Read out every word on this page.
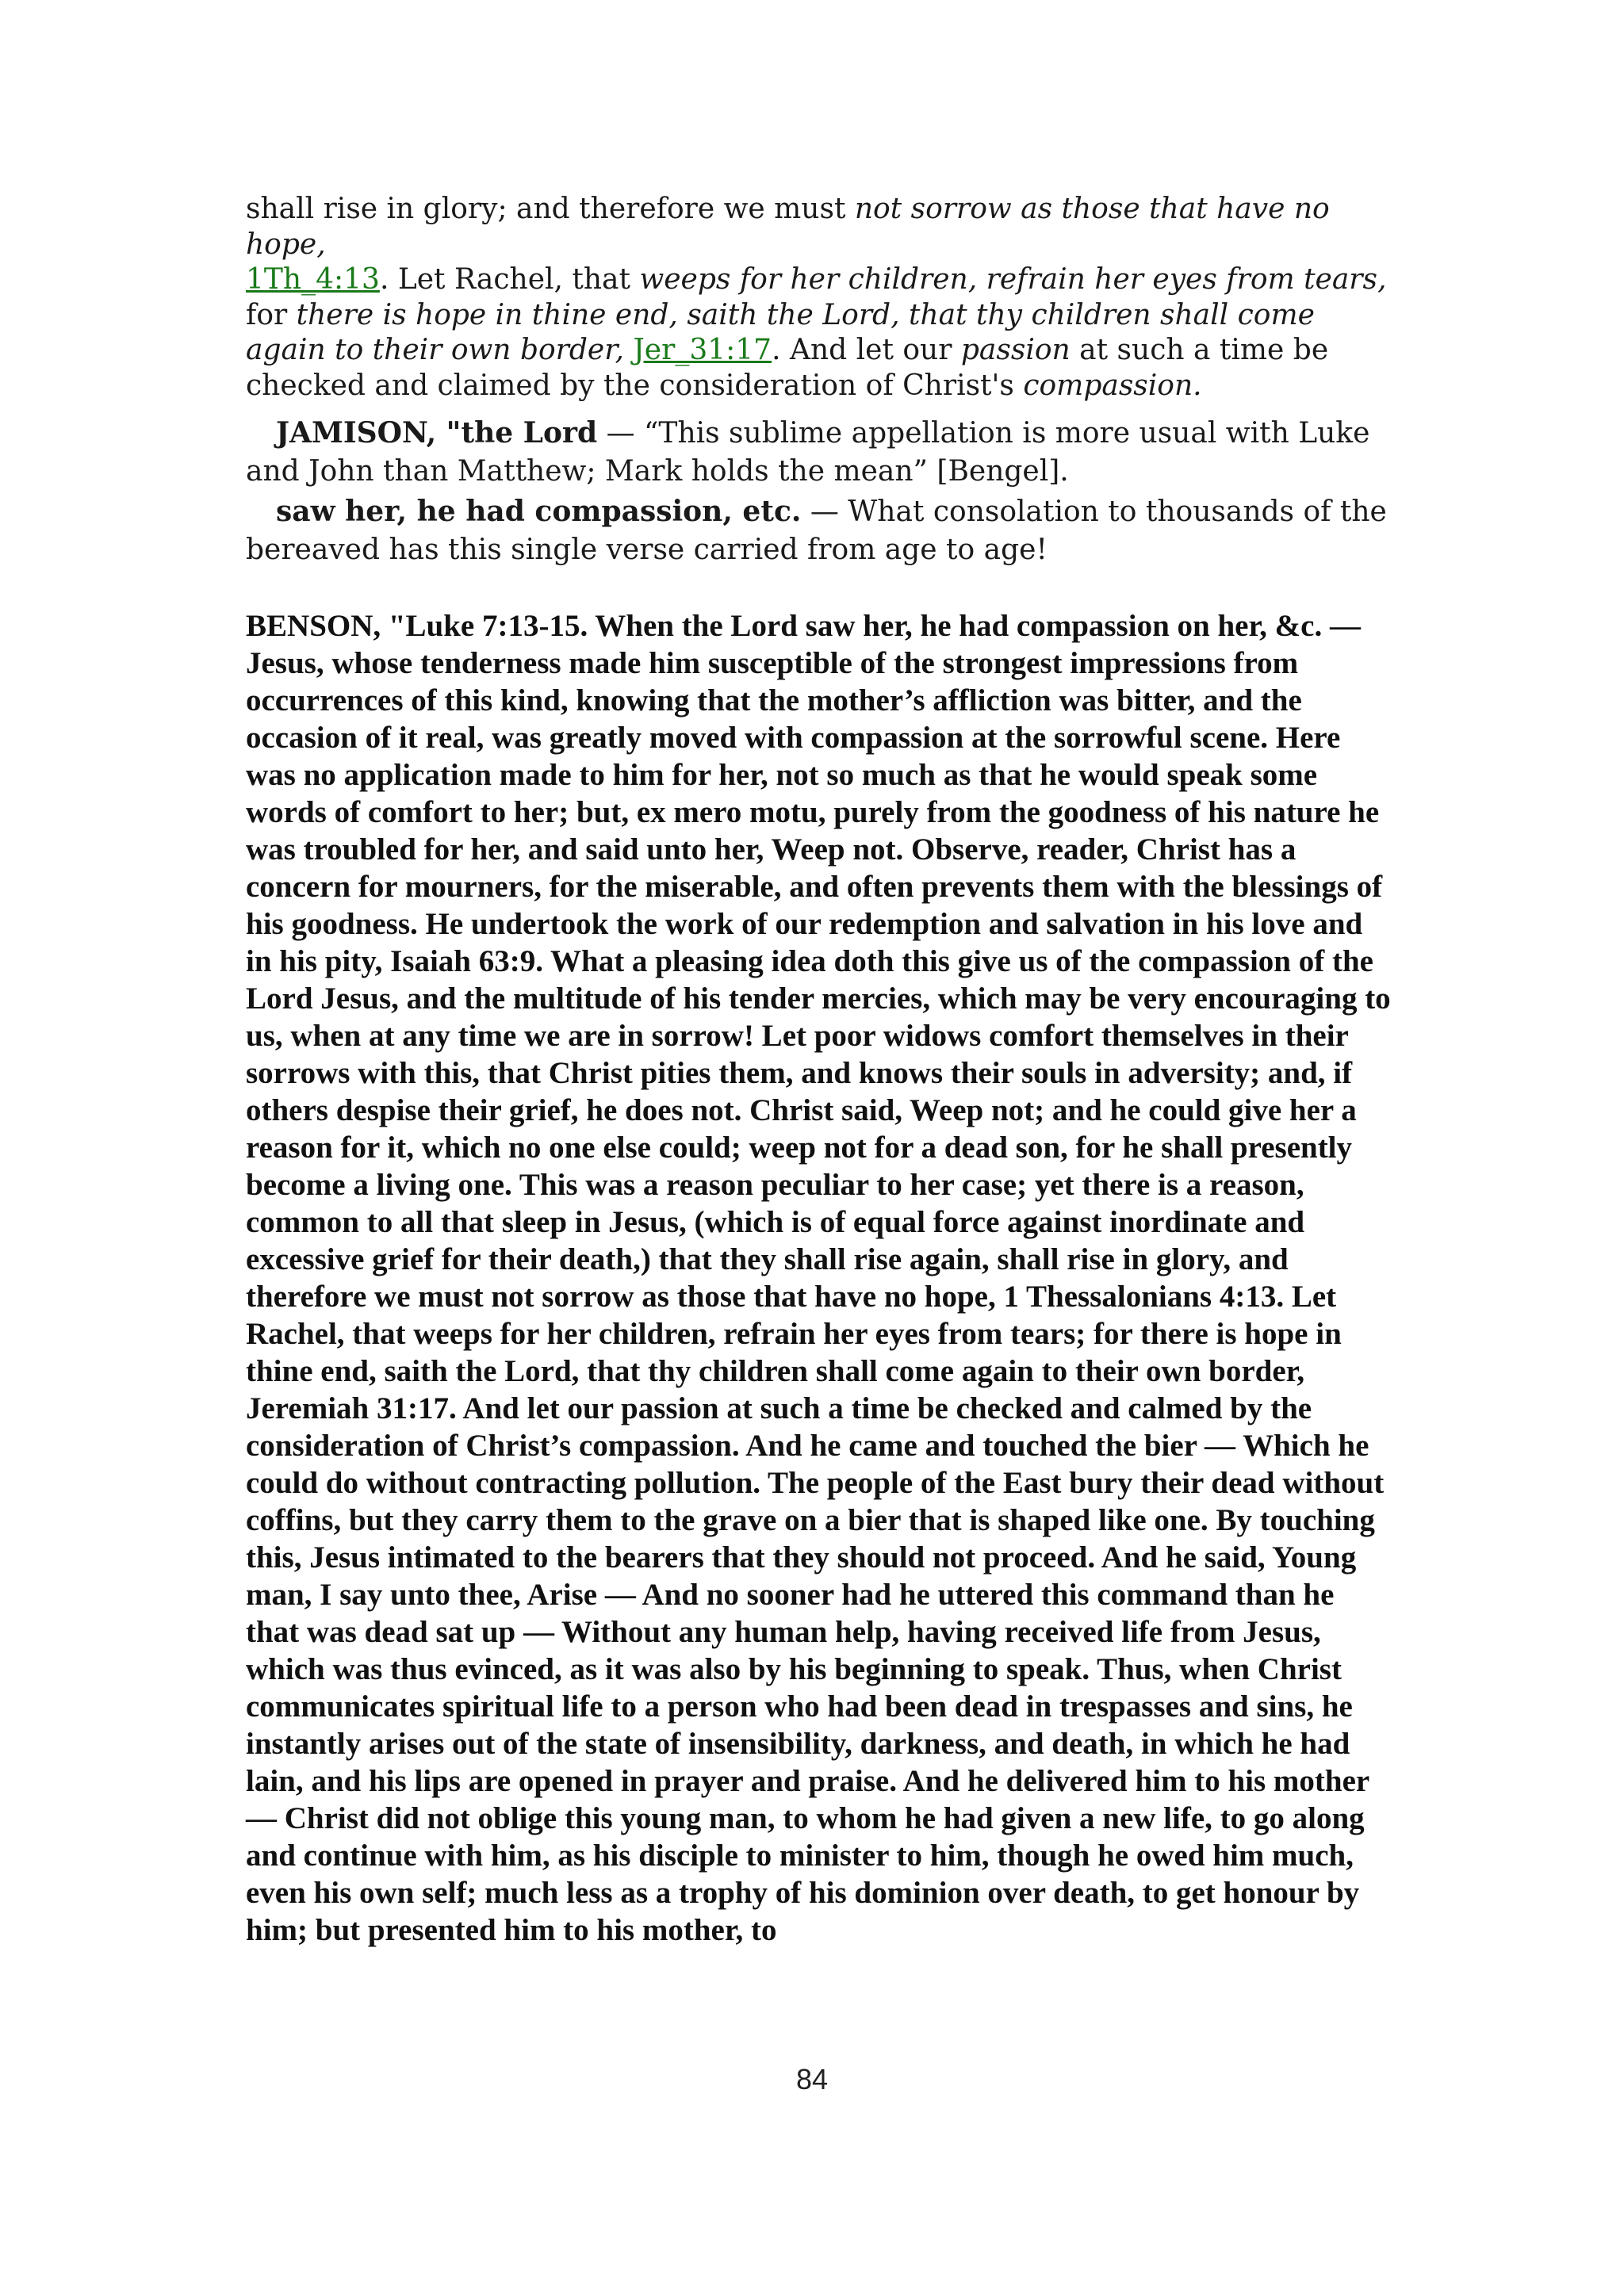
shall rise in glory; and therefore we must not sorrow as those that have no hope,
1Th_4:13. Let Rachel, that weeps for her children, refrain her eyes from tears, for there is hope in thine end, saith the Lord, that thy children shall come again to their own border, Jer_31:17. And let our passion at such a time be checked and claimed by the consideration of Christ's compassion.

JAMISON, "the Lord — “This sublime appellation is more usual with Luke and John than Matthew; Mark holds the mean” [Bengel].

saw her, he had compassion, etc. — What consolation to thousands of the bereaved has this single verse carried from age to age!

BENSON, "Luke 7:13-15. When the Lord saw her, he had compassion on her, &c. — Jesus, whose tenderness made him susceptible of the strongest impressions from occurrences of this kind, knowing that the mother’s affliction was bitter, and the occasion of it real, was greatly moved with compassion at the sorrowful scene. Here was no application made to him for her, not so much as that he would speak some words of comfort to her; but, ex mero motu, purely from the goodness of his nature he was troubled for her, and said unto her, Weep not. Observe, reader, Christ has a concern for mourners, for the miserable, and often prevents them with the blessings of his goodness. He undertook the work of our redemption and salvation in his love and in his pity, Isaiah 63:9. What a pleasing idea doth this give us of the compassion of the Lord Jesus, and the multitude of his tender mercies, which may be very encouraging to us, when at any time we are in sorrow! Let poor widows comfort themselves in their sorrows with this, that Christ pities them, and knows their souls in adversity; and, if others despise their grief, he does not. Christ said, Weep not; and he could give her a reason for it, which no one else could; weep not for a dead son, for he shall presently become a living one. This was a reason peculiar to her case; yet there is a reason, common to all that sleep in Jesus, (which is of equal force against inordinate and excessive grief for their death,) that they shall rise again, shall rise in glory, and therefore we must not sorrow as those that have no hope, 1 Thessalonians 4:13. Let Rachel, that weeps for her children, refrain her eyes from tears; for there is hope in thine end, saith the Lord, that thy children shall come again to their own border, Jeremiah 31:17. And let our passion at such a time be checked and calmed by the consideration of Christ’s compassion. And he came and touched the bier — Which he could do without contracting pollution. The people of the East bury their dead without coffins, but they carry them to the grave on a bier that is shaped like one. By touching this, Jesus intimated to the bearers that they should not proceed. And he said, Young man, I say unto thee, Arise — And no sooner had he uttered this command than he that was dead sat up — Without any human help, having received life from Jesus, which was thus evinced, as it was also by his beginning to speak. Thus, when Christ communicates spiritual life to a person who had been dead in trespasses and sins, he instantly arises out of the state of insensibility, darkness, and death, in which he had lain, and his lips are opened in prayer and praise. And he delivered him to his mother — Christ did not oblige this young man, to whom he had given a new life, to go along and continue with him, as his disciple to minister to him, though he owed him much, even his own self; much less as a trophy of his dominion over death, to get honour by him; but presented him to his mother, to

84
